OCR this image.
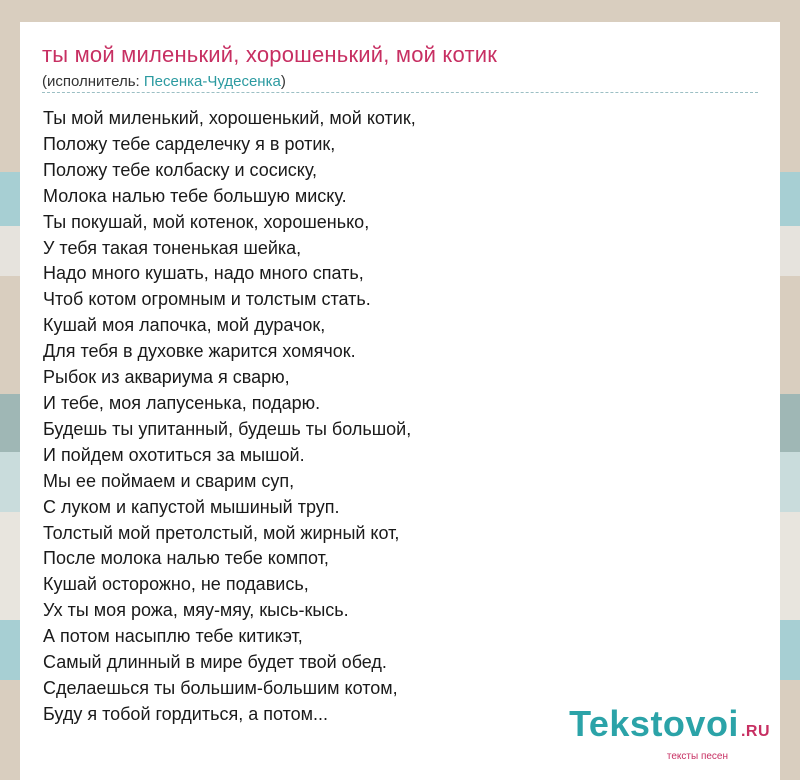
ты мой миленький, хорошенький, мой котик
(исполнитель: Песенка-Чудесенка)
Ты мой миленький, хорошенький, мой котик,
Положу тебе сарделечку я в ротик,
Положу тебе колбаску и сосиску,
Молока налью тебе большую миску.
Ты покушай, мой котенок, хорошенько,
У тебя такая тоненькая шейка,
Надо много кушать, надо много спать,
Чтоб котом огромным и толстым стать.
Кушай моя лапочка, мой дурачок,
Для тебя в духовке жарится хомячок.
Рыбок из аквариума я сварю,
И тебе, моя лапусенька, подарю.
Будешь ты упитанный, будешь ты большой,
И пойдем охотиться за мышой.
Мы ее поймаем и сварим суп,
С луком и капустой мышиный труп.
Толстый мой претолстый, мой жирный кот,
После молока налью тебе компот,
Кушай осторожно, не подавись,
Ух ты моя рожа, мяу-мяу, кысь-кысь.
А потом насыплю тебе китикэт,
Самый длинный в мире будет твой обед.
Сделаешься ты большим-большим котом,
Буду я тобой гордиться, а потом...	Tekstovoi .RU
тексты песен
